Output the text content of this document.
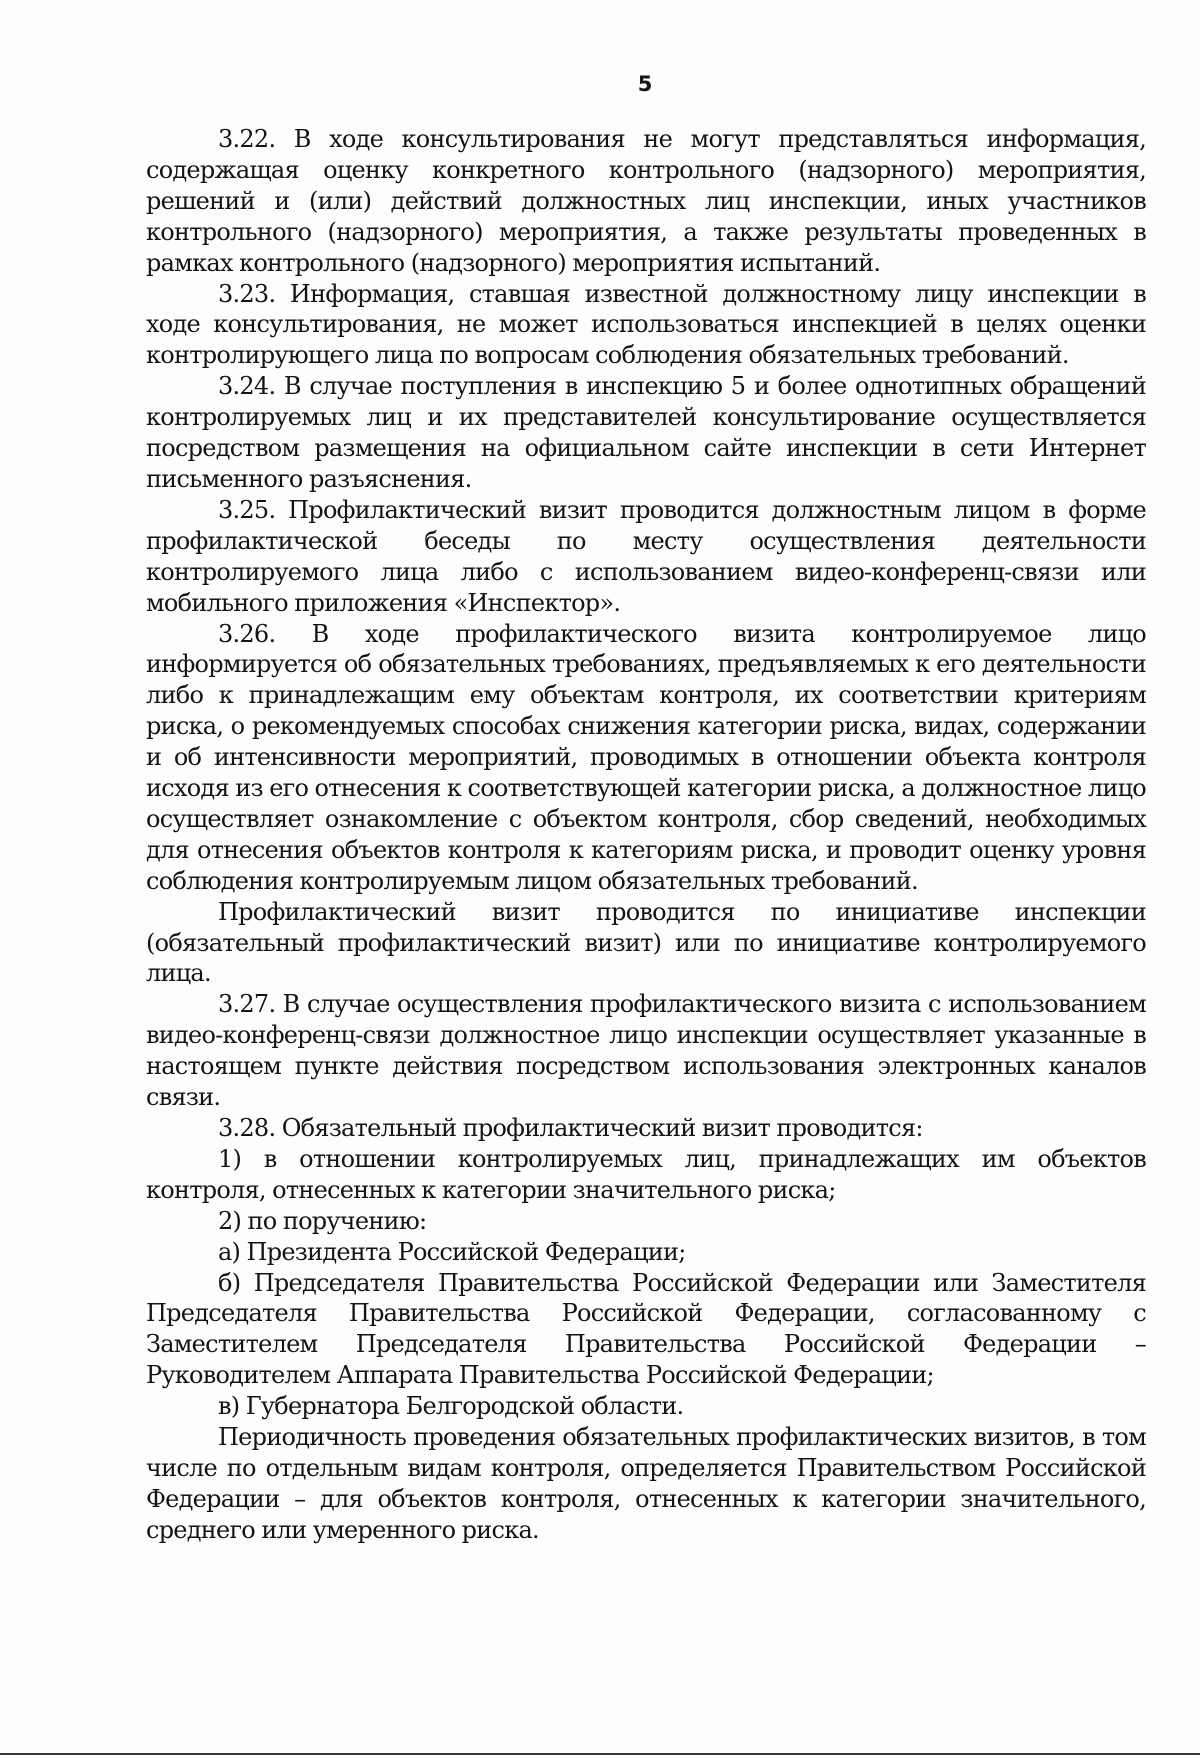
5

3.22. В ходе консультирования не могут представляться информация, содержащая оценку конкретного контрольного (надзорного) мероприятия, решений и (или) действий должностных лиц инспекции, иных участников контрольного (надзорного) мероприятия, а также результаты проведенных в рамках контрольного (надзорного) мероприятия испытаний.

3.23. Информация, ставшая известной должностному лицу инспекции в ходе консультирования, не может использоваться инспекцией в целях оценки контролирующего лица по вопросам соблюдения обязательных требований.

3.24. В случае поступления в инспекцию 5 и более однотипных обращений контролируемых лиц и их представителей консультирование осуществляется посредством размещения на официальном сайте инспекции в сети Интернет письменного разъяснения.

3.25. Профилактический визит проводится должностным лицом в форме профилактической беседы по месту осуществления деятельности контролируемого лица либо с использованием видео-конференц-связи или мобильного приложения «Инспектор».

3.26. В ходе профилактического визита контролируемое лицо информируется об обязательных требованиях, предъявляемых к его деятельности либо к принадлежащим ему объектам контроля, их соответствии критериям риска, о рекомендуемых способах снижения категории риска, видах, содержании и об интенсивности мероприятий, проводимых в отношении объекта контроля исходя из его отнесения к соответствующей категории риска, а должностное лицо осуществляет ознакомление с объектом контроля, сбор сведений, необходимых для отнесения объектов контроля к категориям риска, и проводит оценку уровня соблюдения контролируемым лицом обязательных требований.

Профилактический визит проводится по инициативе инспекции (обязательный профилактический визит) или по инициативе контролируемого лица.

3.27. В случае осуществления профилактического визита с использованием видео-конференц-связи должностное лицо инспекции осуществляет указанные в настоящем пункте действия посредством использования электронных каналов связи.

3.28. Обязательный профилактический визит проводится:

1) в отношении контролируемых лиц, принадлежащих им объектов контроля, отнесенных к категории значительного риска;

2) по поручению:

а) Президента Российской Федерации;

б) Председателя Правительства Российской Федерации или Заместителя Председателя Правительства Российской Федерации, согласованному с Заместителем Председателя Правительства Российской Федерации – Руководителем Аппарата Правительства Российской Федерации;

в) Губернатора Белгородской области.

Периодичность проведения обязательных профилактических визитов, в том числе по отдельным видам контроля, определяется Правительством Российской Федерации – для объектов контроля, отнесенных к категории значительного, среднего или умеренного риска.
